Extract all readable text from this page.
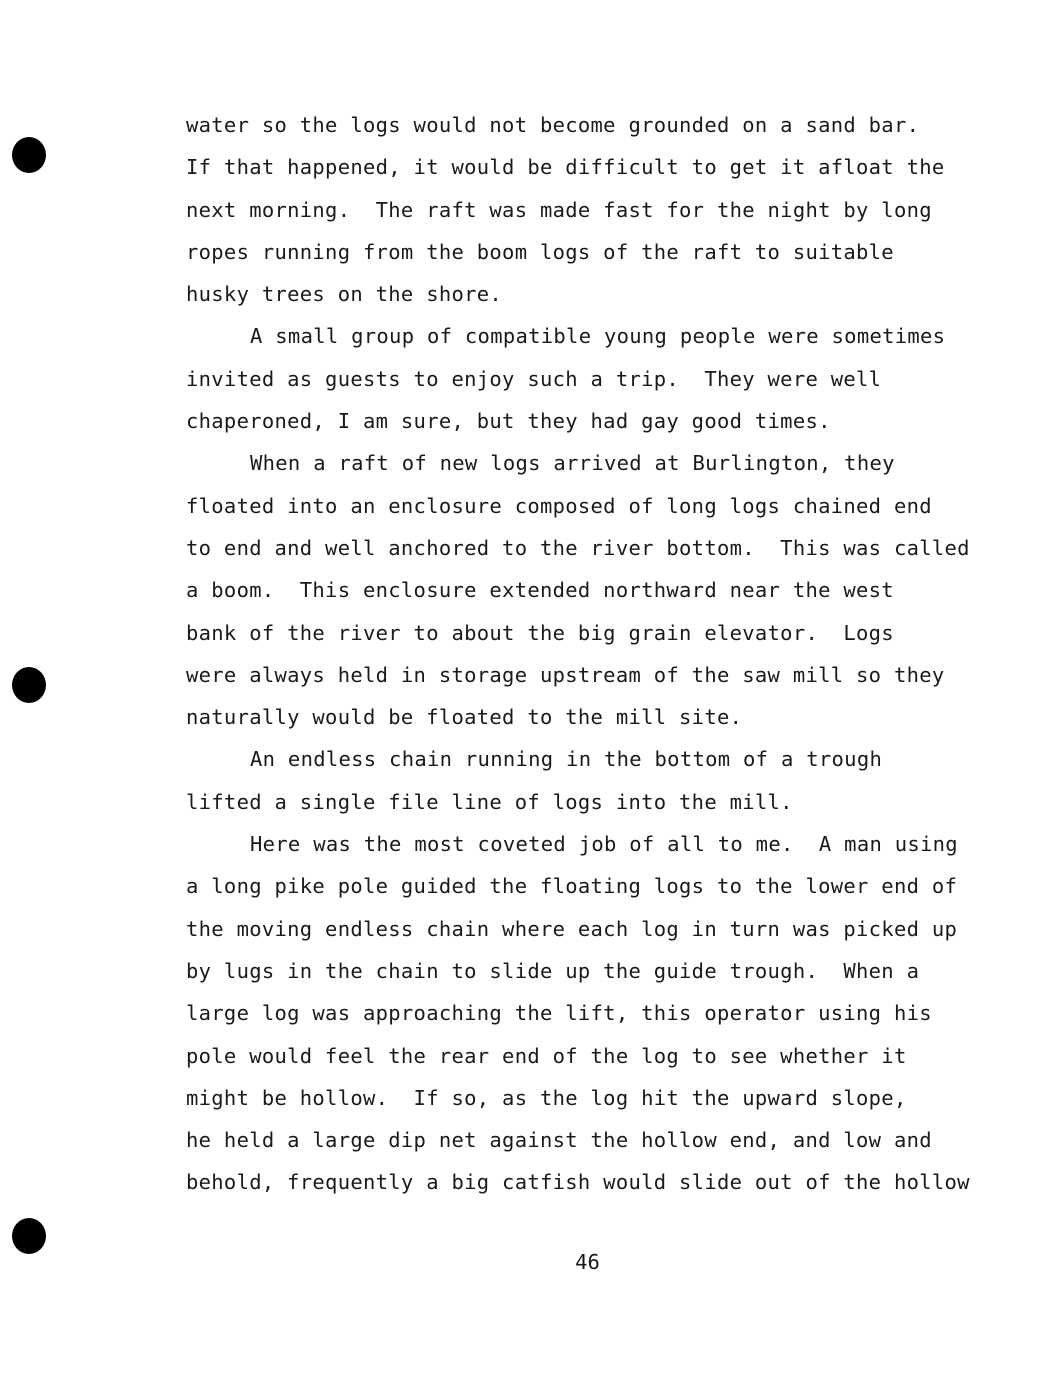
water so the logs would not become grounded on a sand bar.
If that happened, it would be difficult to get it afloat the
next morning.  The raft was made fast for the night by long
ropes running from the boom logs of the raft to suitable
husky trees on the shore.
A small group of compatible young people were sometimes
invited as guests to enjoy such a trip.  They were well
chaperoned, I am sure, but they had gay good times.
When a raft of new logs arrived at Burlington, they
floated into an enclosure composed of long logs chained end
to end and well anchored to the river bottom.  This was called
a boom.  This enclosure extended northward near the west
bank of the river to about the big grain elevator.  Logs
were always held in storage upstream of the saw mill so they
naturally would be floated to the mill site.
An endless chain running in the bottom of a trough
lifted a single file line of logs into the mill.
Here was the most coveted job of all to me.  A man using
a long pike pole guided the floating logs to the lower end of
the moving endless chain where each log in turn was picked up
by lugs in the chain to slide up the guide trough.  When a
large log was approaching the lift, this operator using his
pole would feel the rear end of the log to see whether it
might be hollow.  If so, as the log hit the upward slope,
he held a large dip net against the hollow end, and low and
behold, frequently a big catfish would slide out of the hollow
46
